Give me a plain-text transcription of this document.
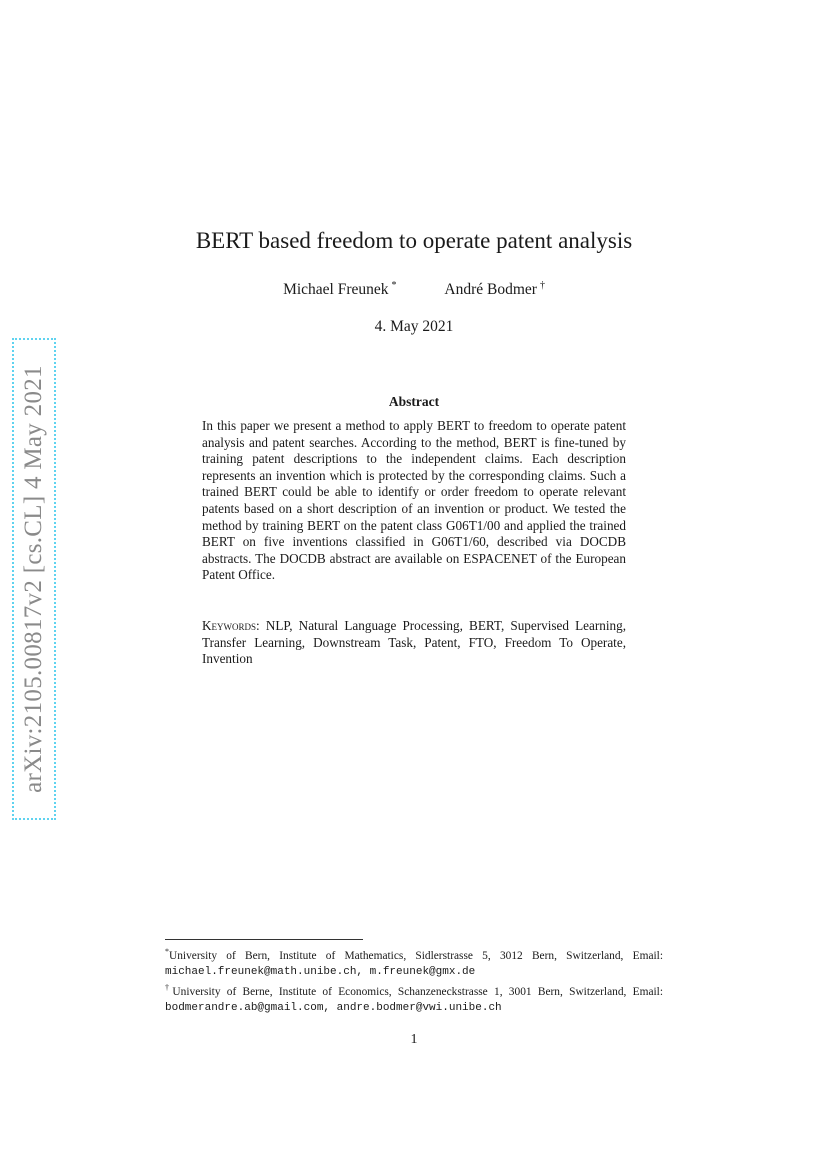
arXiv:2105.00817v2 [cs.CL] 4 May 2021
BERT based freedom to operate patent analysis
Michael Freunek *	André Bodmer †
4. May 2021
Abstract
In this paper we present a method to apply BERT to freedom to operate patent analysis and patent searches. According to the method, BERT is fine-tuned by training patent descriptions to the independent claims. Each description represents an invention which is protected by the corresponding claims. Such a trained BERT could be able to identify or order freedom to operate relevant patents based on a short description of an invention or product. We tested the method by training BERT on the patent class G06T1/00 and applied the trained BERT on five inventions classified in G06T1/60, described via DOCDB abstracts. The DOCDB abstract are available on ESPACENET of the European Patent Office.
Keywords: NLP, Natural Language Processing, BERT, Supervised Learning, Transfer Learning, Downstream Task, Patent, FTO, Freedom To Operate, Invention

*University of Bern, Institute of Mathematics, Sidlerstrasse 5, 3012 Bern, Switzerland, Email: michael.freunek@math.unibe.ch, m.freunek@gmx.de

†University of Berne, Institute of Economics, Schanzeneckstrasse 1, 3001 Bern, Switzerland, Email: bodmerandre.ab@gmail.com, andre.bodmer@vwi.unibe.ch

1
